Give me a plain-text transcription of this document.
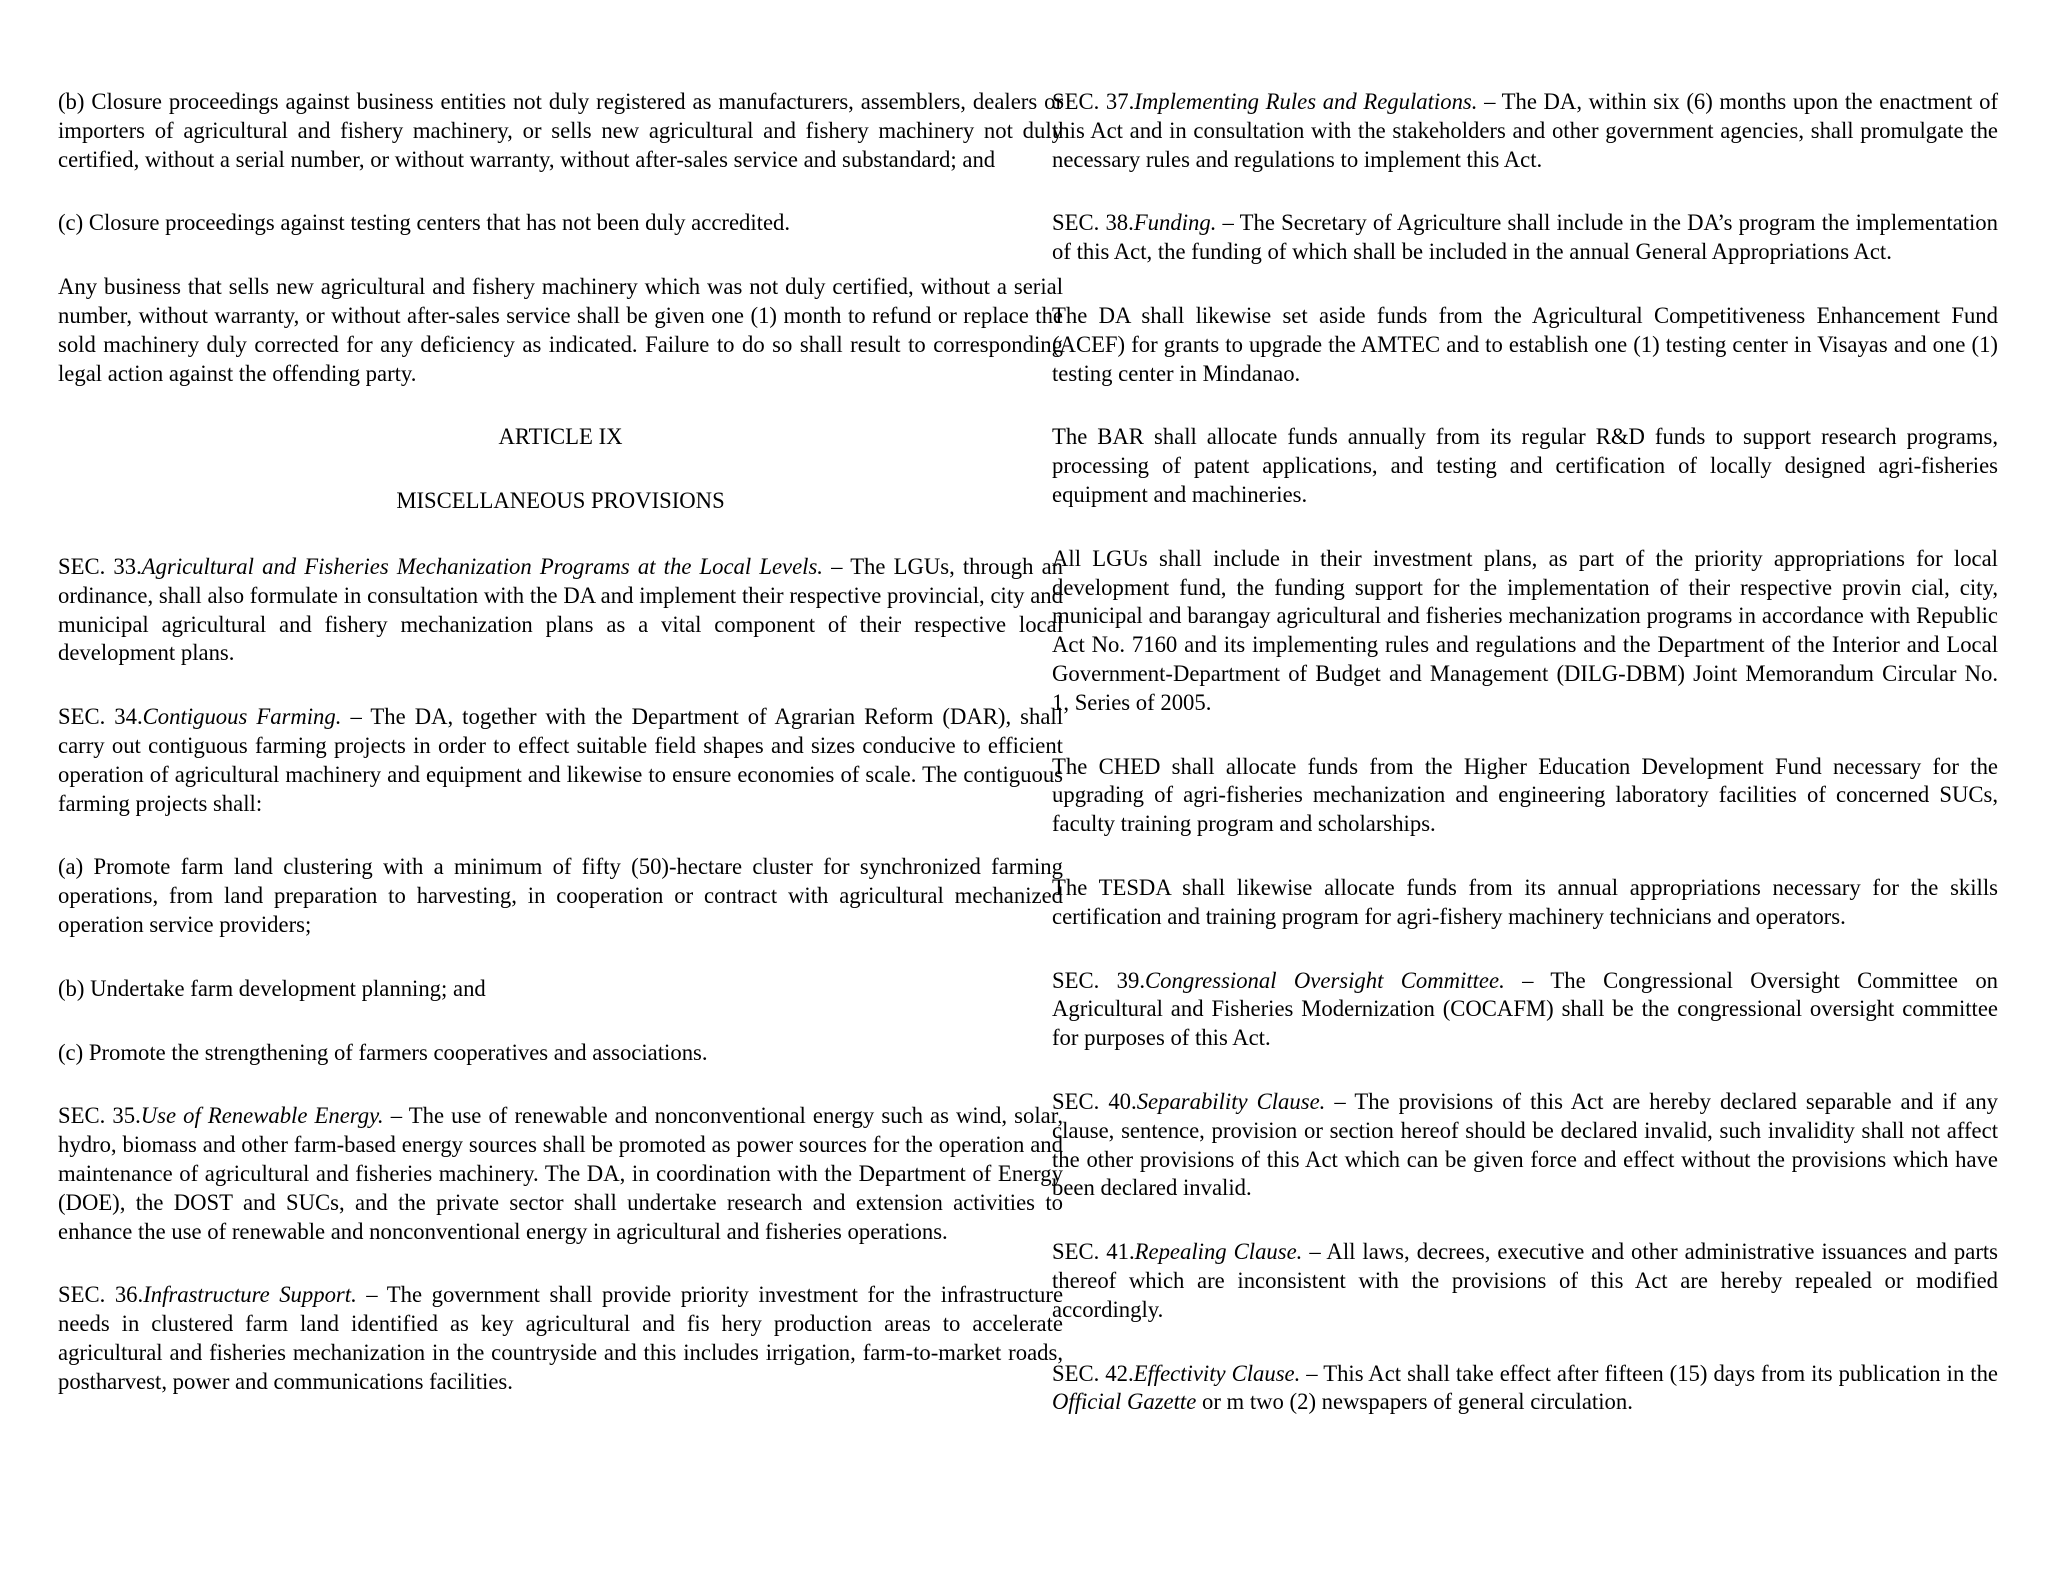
(b) Closure proceedings against business entities not duly registered as manufacturers, assemblers, dealers or importers of agricultural and fishery machinery, or sells new agricultural and fishery machinery not duly certified, without a serial number, or without warranty, without after-sales service and substandard; and

(c) Closure proceedings against testing centers that has not been duly accredited.

Any business that sells new agricultural and fishery machinery which was not duly certified, without a serial number, without warranty, or without after-sales service shall be given one (1) month to refund or replace the sold machinery duly corrected for any deficiency as indicated. Failure to do so shall result to corresponding legal action against the offending party.

ARTICLE IX

MISCELLANEOUS PROVISIONS

SEC. 33.Agricultural and Fisheries Mechanization Programs at the Local Levels. – The LGUs, through an ordinance, shall also formulate in consultation with the DA and implement their respective provincial, city and municipal agricultural and fishery mechanization plans as a vital component of their respective local development plans.

SEC. 34.Contiguous Farming. – The DA, together with the Department of Agrarian Reform (DAR), shall carry out contiguous farming projects in order to effect suitable field shapes and sizes conducive to efficient operation of agricultural machinery and equipment and likewise to ensure economies of scale. The contiguous farming projects shall:

(a) Promote farm land clustering with a minimum of fifty (50)-hectare cluster for synchronized farming operations, from land preparation to harvesting, in cooperation or contract with agricultural mechanized operation service providers;

(b) Undertake farm development planning; and

(c) Promote the strengthening of farmers cooperatives and associations.

SEC. 35.Use of Renewable Energy. – The use of renewable and nonconventional energy such as wind, solar, hydro, biomass and other farm-based energy sources shall be promoted as power sources for the operation and maintenance of agricultural and fisheries machinery. The DA, in coordination with the Department of Energy (DOE), the DOST and SUCs, and the private sector shall undertake research and extension activities to enhance the use of renewable and nonconventional energy in agricultural and fisheries operations.

SEC. 36.Infrastructure Support. – The government shall provide priority investment for the infrastructure needs in clustered farm land identified as key agricultural and fis hery production areas to accelerate agricultural and fisheries mechanization in the countryside and this includes irrigation, farm-to-market roads, postharvest, power and communications facilities.

SEC. 37.Implementing Rules and Regulations. – The DA, within six (6) months upon the enactment of this Act and in consultation with the stakeholders and other government agencies, shall promulgate the necessary rules and regulations to implement this Act.

SEC. 38.Funding. – The Secretary of Agriculture shall include in the DA’s program the implementation of this Act, the funding of which shall be included in the annual General Appropriations Act.

The DA shall likewise set aside funds from the Agricultural Competitiveness Enhancement Fund (ACEF) for grants to upgrade the AMTEC and to establish one (1) testing center in Visayas and one (1) testing center in Mindanao.

The BAR shall allocate funds annually from its regular R&D funds to support research programs, processing of patent applications, and testing and certification of locally designed agri-fisheries equipment and machineries.

All LGUs shall include in their investment plans, as part of the priority appropriations for local development fund, the funding support for the implementation of their respective provin cial, city, municipal and barangay agricultural and fisheries mechanization programs in accordance with Republic Act No. 7160 and its implementing rules and regulations and the Department of the Interior and Local Government-Department of Budget and Management (DILG-DBM) Joint Memorandum Circular No. 1, Series of 2005.

The CHED shall allocate funds from the Higher Education Development Fund necessary for the upgrading of agri-fisheries mechanization and engineering laboratory facilities of concerned SUCs, faculty training program and scholarships.

The TESDA shall likewise allocate funds from its annual appropriations necessary for the skills certification and training program for agri-fishery machinery technicians and operators.

SEC. 39.Congressional Oversight Committee. – The Congressional Oversight Committee on Agricultural and Fisheries Modernization (COCAFM) shall be the congressional oversight committee for purposes of this Act.

SEC. 40.Separability Clause. – The provisions of this Act are hereby declared separable and if any clause, sentence, provision or section hereof should be declared invalid, such invalidity shall not affect the other provisions of this Act which can be given force and effect without the provisions which have been declared invalid.

SEC. 41.Repealing Clause. – All laws, decrees, executive and other administrative issuances and parts thereof which are inconsistent with the provisions of this Act are hereby repealed or modified accordingly.

SEC. 42.Effectivity Clause. – This Act shall take effect after fifteen (15) days from its publication in the Official Gazette or m two (2) newspapers of general circulation.
